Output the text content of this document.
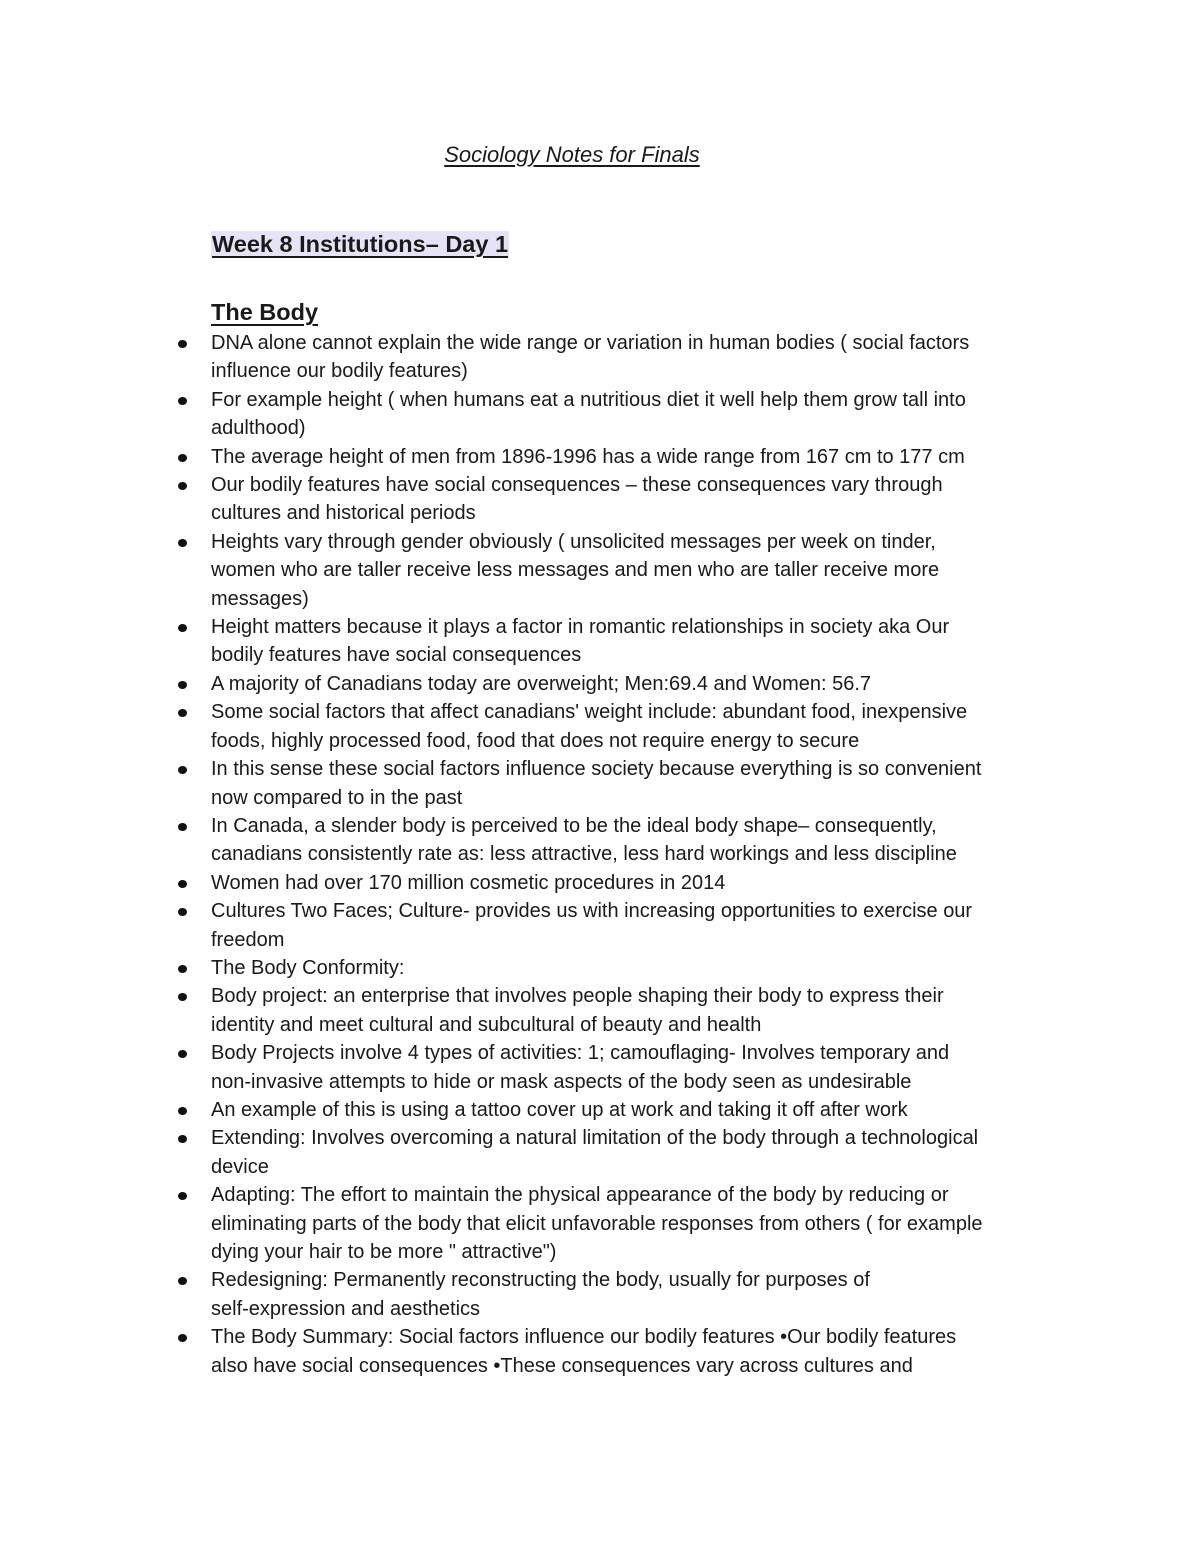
Sociology Notes for Finals
Week 8 Institutions– Day 1
The Body
DNA alone cannot explain the wide range or variation in human bodies ( social factors
influence our bodily features)
For example height ( when humans eat a nutritious diet it well help them grow tall into
adulthood)
The average height of men from 1896-1996 has a wide range from 167 cm to 177 cm
Our bodily features have social consequences – these consequences vary through
cultures and historical periods
Heights vary through gender obviously ( unsolicited messages per week on tinder,
women who are taller receive less messages and men who are taller receive more
messages)
Height matters because it plays a factor in romantic relationships in society aka Our
bodily features have social consequences
A majority of Canadians today are overweight; Men:69.4 and Women: 56.7
Some social factors that affect canadians' weight include: abundant food, inexpensive
foods, highly processed food, food that does not require energy to secure
In this sense these social factors influence society because everything is so convenient
now compared to in the past
In Canada, a slender body is perceived to be the ideal body shape– consequently,
canadians consistently rate as: less attractive, less hard workings and less discipline
Women had over 170 million cosmetic procedures in 2014
Cultures Two Faces; Culture- provides us with increasing opportunities to exercise our
freedom
The Body Conformity:
Body project: an enterprise that involves people shaping their body to express their
identity and meet cultural and subcultural of beauty and health
Body Projects involve 4 types of activities: 1; camouflaging- Involves temporary and
non-invasive attempts to hide or mask aspects of the body seen as undesirable
An example of this is using a tattoo cover up at work and taking it off after work
Extending: Involves overcoming a natural limitation of the body through a technological
device
Adapting: The effort to maintain the physical appearance of the body by reducing or
eliminating parts of the body that elicit unfavorable responses from others ( for example
dying your hair to be more " attractive")
Redesigning: Permanently reconstructing the body, usually for purposes of
self-expression and aesthetics
The Body Summary: Social factors influence our bodily features •Our bodily features
also have social consequences •These consequences vary across cultures and
